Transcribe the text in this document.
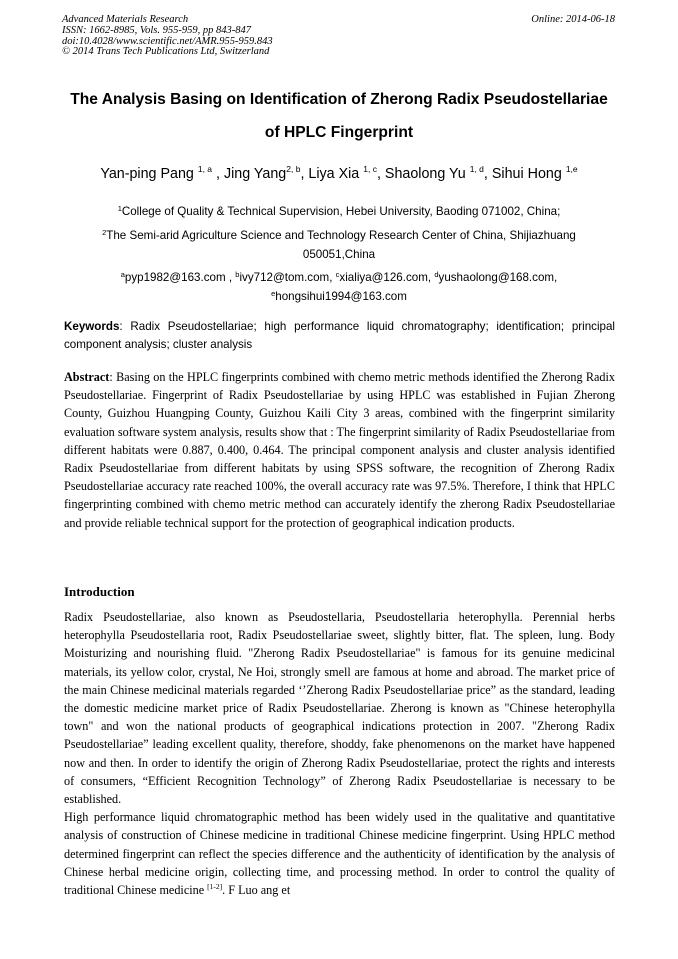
Advanced Materials Research
ISSN: 1662-8985, Vols. 955-959, pp 843-847
doi:10.4028/www.scientific.net/AMR.955-959.843
© 2014 Trans Tech Publications Ltd, Switzerland
Online: 2014-06-18
The Analysis Basing on Identification of Zherong Radix Pseudostellariae
of HPLC Fingerprint
Yan-ping Pang $^{1, a}$ , Jing Yang$^{2, b}$, Liya Xia $^{1, c}$, Shaolong Yu $^{1, d}$, Sihui Hong $^{1,e}$
$^1$College of Quality & Technical Supervision, Hebei University, Baoding 071002, China;
$^2$The Semi-arid Agriculture Science and Technology Research Center of China, Shijiazhuang
050051,China
$^a$pyp1982@163.com , $^b$ivy712@tom.com, $^c$xialiya@126.com, $^d$yushaolong@168.com,
$^e$hongsihui1994@163.com
Keywords: Radix Pseudostellariae; high performance liquid chromatography; identification; principal component analysis; cluster analysis
Abstract: Basing on the HPLC fingerprints combined with chemo metric methods identified the Zherong Radix Pseudostellariae. Fingerprint of Radix Pseudostellariae by using HPLC was established in Fujian Zherong County, Guizhou Huangping County, Guizhou Kaili City 3 areas, combined with the fingerprint similarity evaluation software system analysis, results show that : The fingerprint similarity of Radix Pseudostellariae from different habitats were 0.887, 0.400, 0.464. The principal component analysis and cluster analysis identified Radix Pseudostellariae from different habitats by using SPSS software, the recognition of Zherong Radix Pseudostellariae accuracy rate reached 100%, the overall accuracy rate was 97.5%. Therefore, I think that HPLC fingerprinting combined with chemo metric method can accurately identify the zherong Radix Pseudostellariae and provide reliable technical support for the protection of geographical indication products.
Introduction

Radix Pseudostellariae, also known as Pseudostellaria, Pseudostellaria heterophylla. Perennial herbs heterophylla Pseudostellaria root, Radix Pseudostellariae sweet, slightly bitter, flat. The spleen, lung. Body Moisturizing and nourishing fluid. "Zherong Radix Pseudostellariae" is famous for its genuine medicinal materials, its yellow color, crystal, Ne Hoi, strongly smell are famous at home and abroad. The market price of the main Chinese medicinal materials regarded ‘’Zherong Radix Pseudostellariae price” as the standard, leading the domestic medicine market price of Radix Pseudostellariae. Zherong is known as "Chinese heterophylla town" and won the national products of geographical indications protection in 2007. "Zherong Radix Pseudostellariae” leading excellent quality, therefore, shoddy, fake phenomenons on the market have happened now and then. In order to identify the origin of Zherong Radix Pseudostellariae, protect the rights and interests of consumers, “Efficient Recognition Technology” of Zherong Radix Pseudostellariae is necessary to be established.

High performance liquid chromatographic method has been widely used in the qualitative and quantitative analysis of construction of Chinese medicine in traditional Chinese medicine fingerprint. Using HPLC method determined fingerprint can reflect the species difference and the authenticity of identification by the analysis of Chinese herbal medicine origin, collecting time, and processing method. In order to control the quality of traditional Chinese medicine [1-2]. F Luo ang et
